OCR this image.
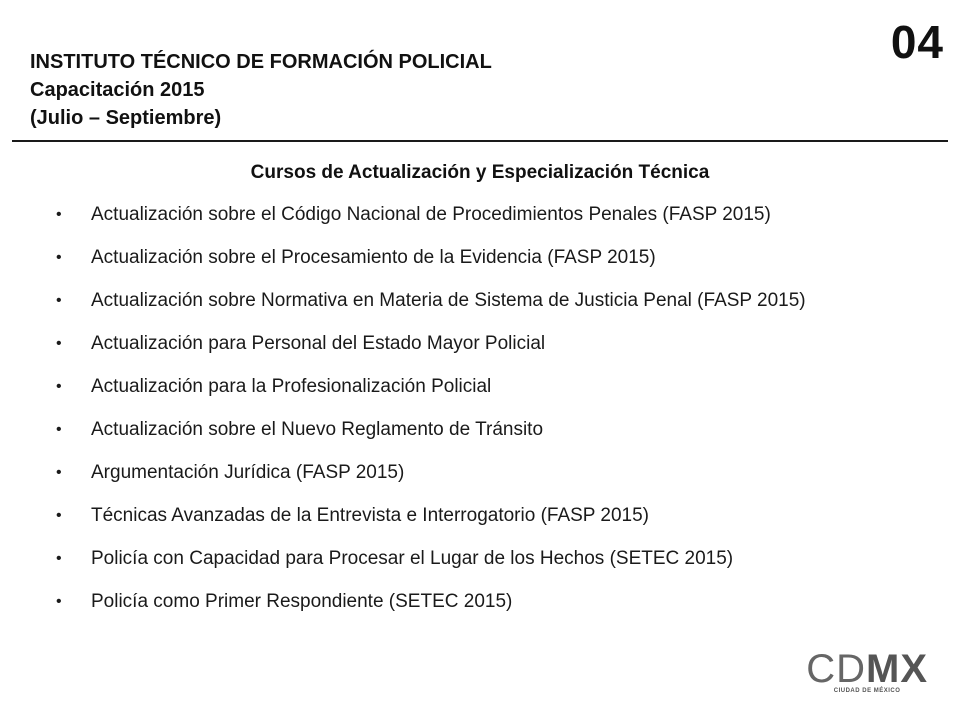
INSTITUTO TÉCNICO DE FORMACIÓN POLICIAL
Capacitación 2015
(Julio – Septiembre)
04
Cursos de Actualización y Especialización Técnica
• Actualización sobre el Código Nacional de Procedimientos Penales (FASP 2015)
• Actualización sobre el Procesamiento de la Evidencia (FASP 2015)
• Actualización sobre Normativa en Materia de Sistema de Justicia Penal (FASP 2015)
• Actualización para Personal del Estado Mayor Policial
• Actualización para la Profesionalización Policial
• Actualización sobre el Nuevo Reglamento de Tránsito
• Argumentación Jurídica (FASP 2015)
• Técnicas Avanzadas de la Entrevista e Interrogatorio (FASP 2015)
• Policía con Capacidad para Procesar el Lugar de los Hechos (SETEC 2015)
• Policía como Primer Respondiente (SETEC 2015)
CDMX
CIUDAD DE MÉXICO
